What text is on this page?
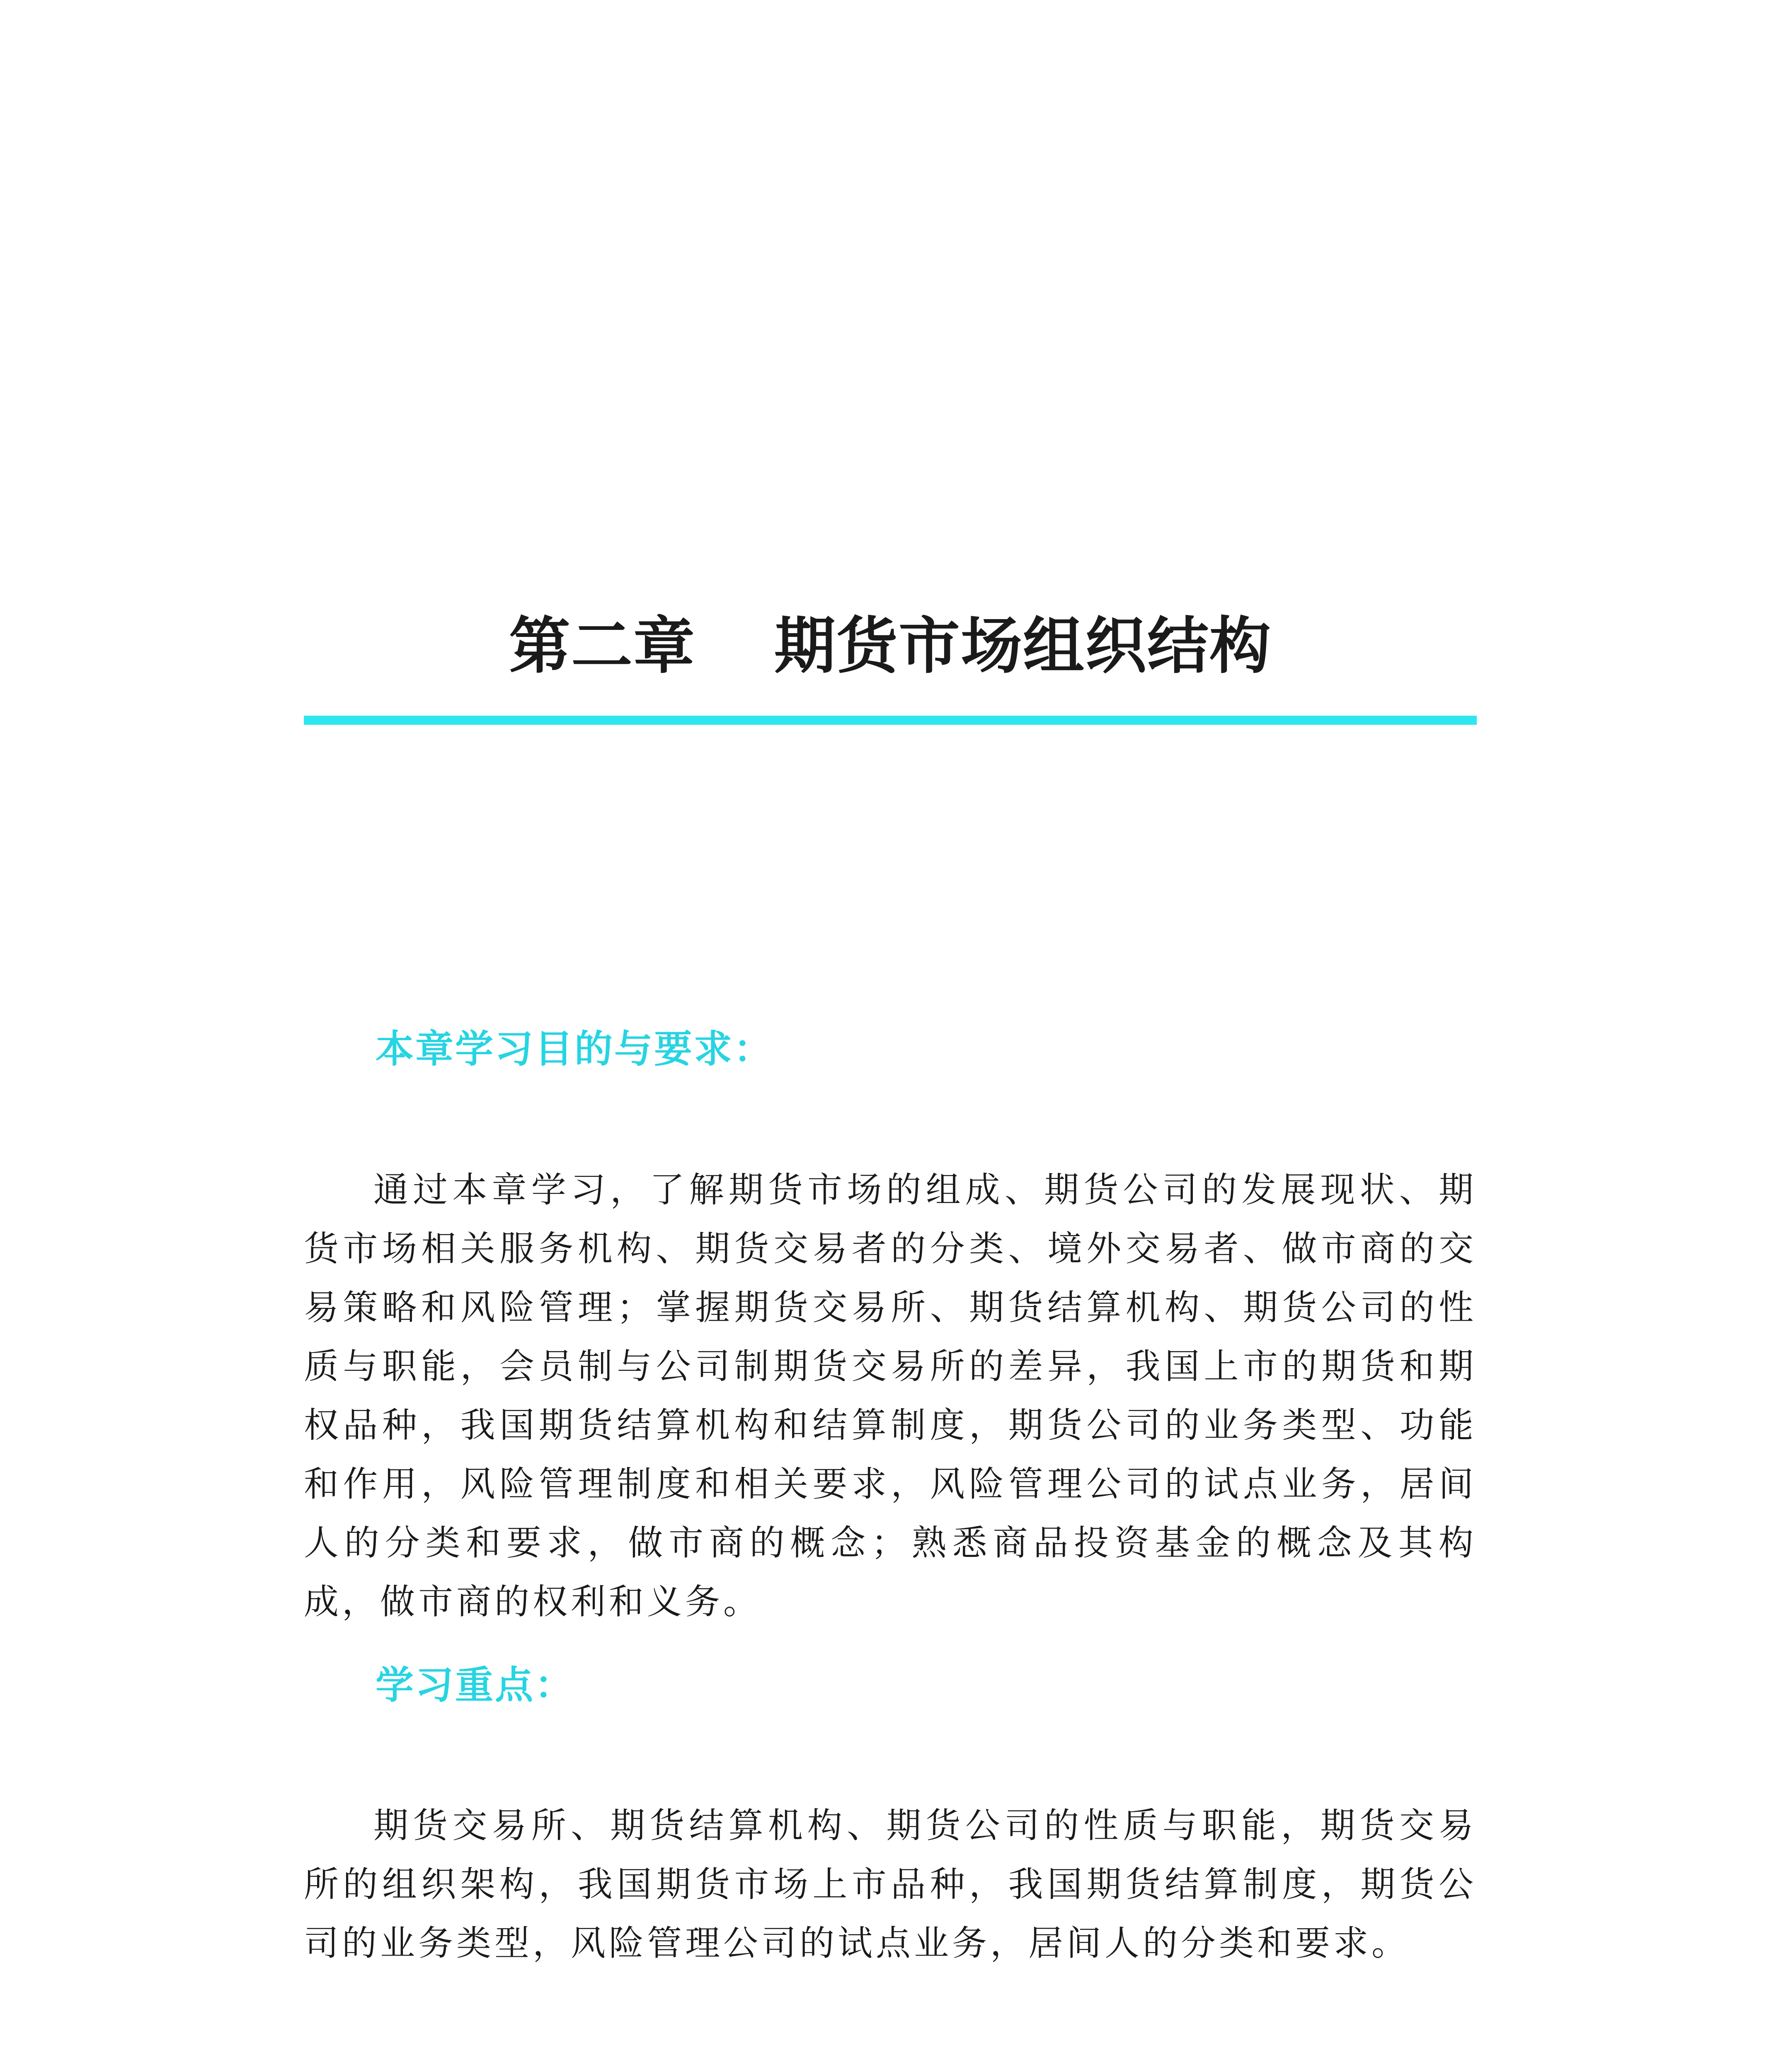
第二章 期货市场组织结构
本章学习目的与要求：

通过本章学习，了解期货市场的组成、期货公司的发展现状、期货市场相关服务机构、期货交易者的分类、境外交易者、做市商的交易策略和风险管理；掌握期货交易所、期货结算机构、期货公司的性质与职能，会员制与公司制期货交易所的差异，我国上市的期货和期权品种，我国期货结算机构和结算制度，期货公司的业务类型、功能和作用，风险管理制度和相关要求，风险管理公司的试点业务，居间人的分类和要求，做市商的概念；熟悉商品投资基金的概念及其构成，做市商的权利和义务。

学习重点：

期货交易所、期货结算机构、期货公司的性质与职能，期货交易所的组织架构，我国期货市场上市品种，我国期货结算制度，期货公司的业务类型，风险管理公司的试点业务，居间人的分类和要求。
